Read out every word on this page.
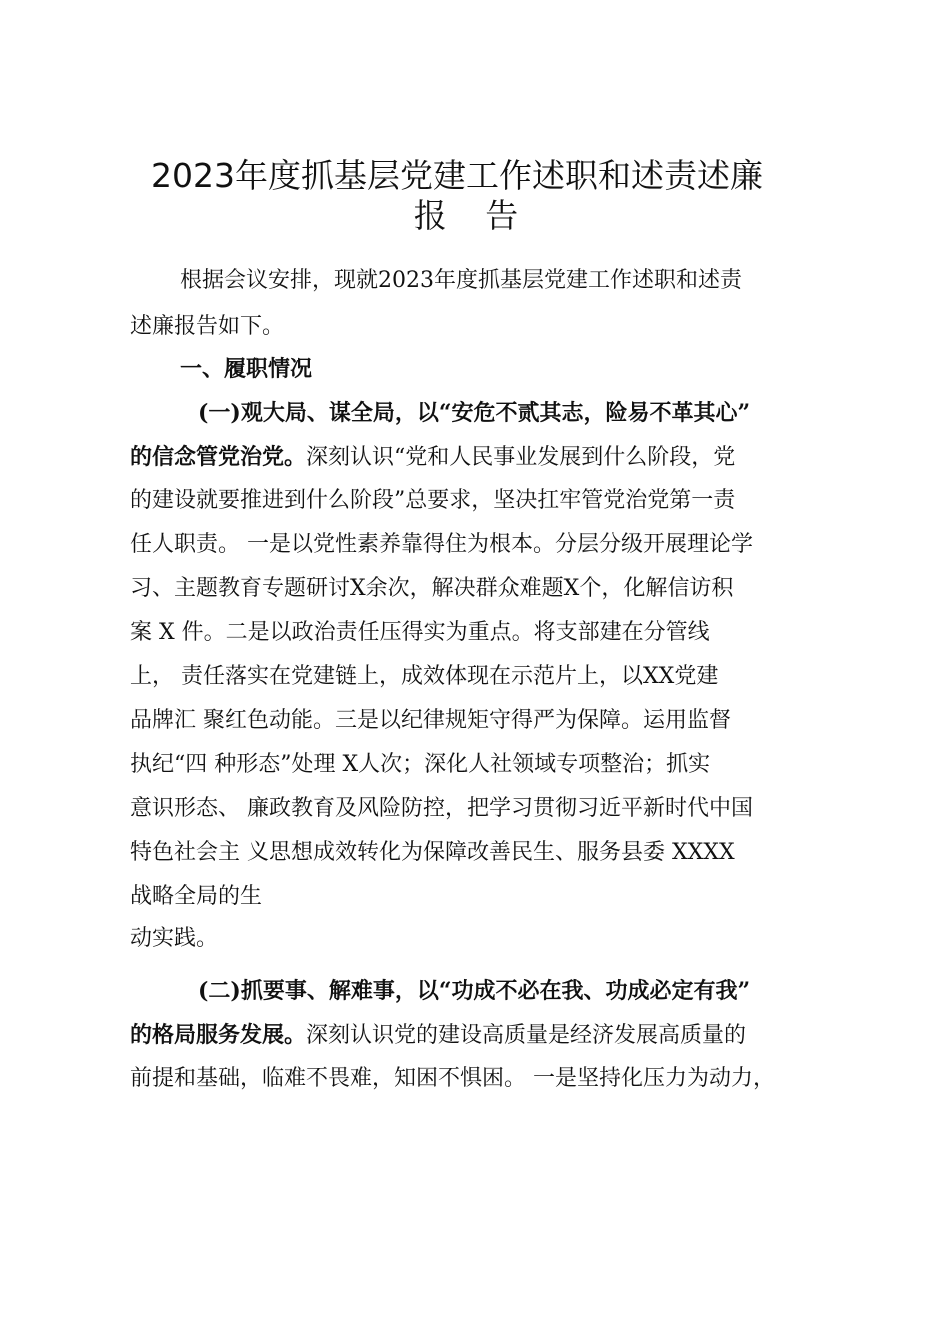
2023年度抓基层党建工作述职和述责述廉
报 告
根据会议安排，现就2023年度抓基层党建工作述职和述责
述廉报告如下。
一、履职情况
(一)观大局、谋全局，以“安危不贰其志，险易不革其心”
的信念管党治党。深刻认识“党和人民事业发展到什么阶段，党
的建设就要推进到什么阶段”总要求，坚决扛牢管党治党第一责
任人职责。 一是以党性素养靠得住为根本。分层分级开展理论学
习、主题教育专题研讨X余次，解决群众难题X个，化解信访积
案 X 件。二是以政治责任压得实为重点。将支部建在分管线
上， 责任落实在党建链上，成效体现在示范片上，以XX党建
品牌汇 聚红色动能。三是以纪律规矩守得严为保障。运用监督
执纪“四 种形态”处理 X人次；深化人社领域专项整治；抓实
意识形态、 廉政教育及风险防控，把学习贯彻习近平新时代中国
特色社会主 义思想成效转化为保障改善民生、服务县委 XXXX
战略全局的生
动实践。
(二)抓要事、解难事，以“功成不必在我、功成必定有我”
的格局服务发展。深刻认识党的建设高质量是经济发展高质量的
前提和基础，临难不畏难，知困不惧困。 一是坚持化压力为动力，
